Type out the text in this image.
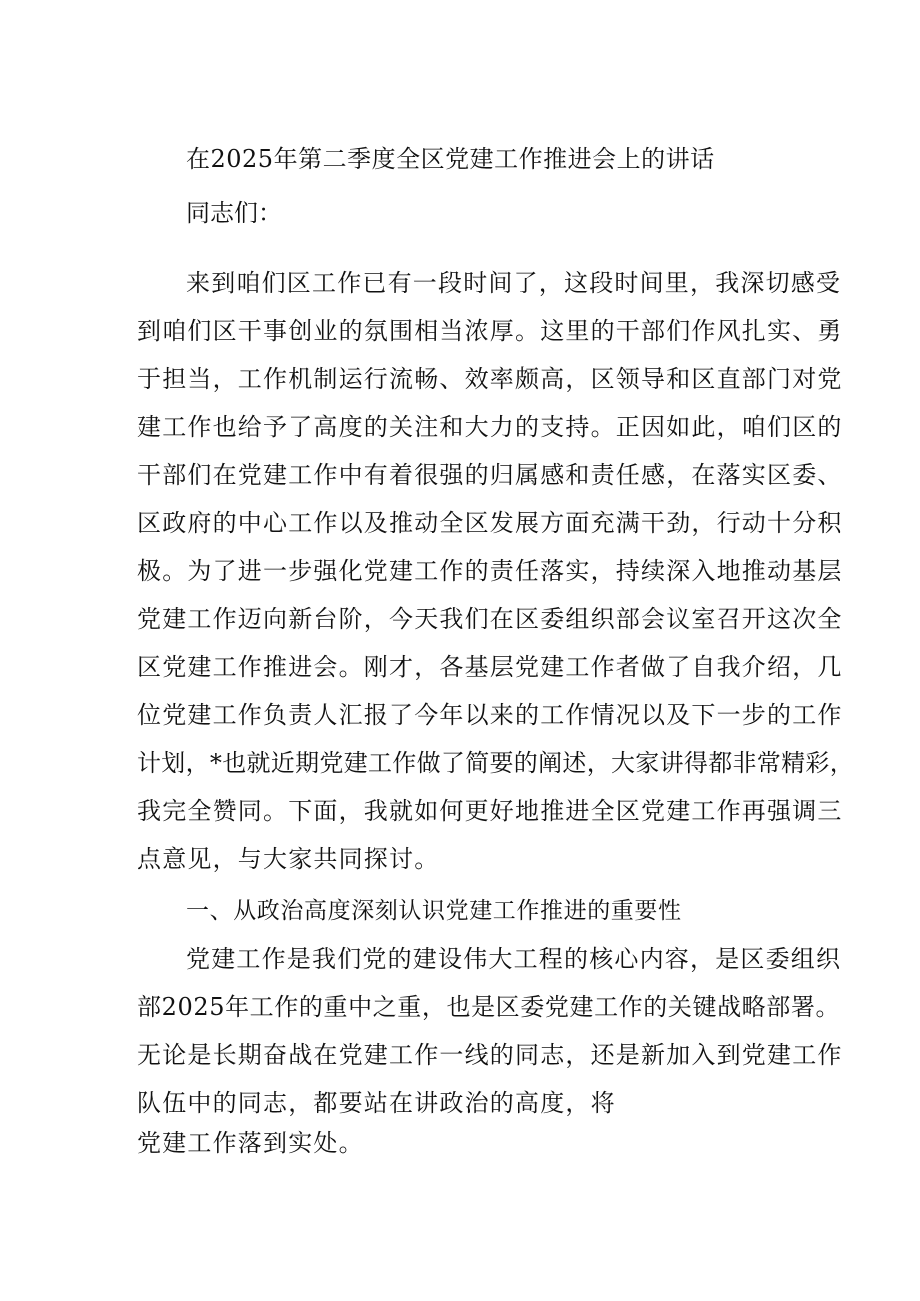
在2025年第二季度全区党建工作推进会上的讲话
同志们：
来到咱们区工作已有一段时间了，这段时间里，我深切感受
到咱们区干事创业的氛围相当浓厚。这里的干部们作风扎实、勇
于担当，工作机制运行流畅、效率颇高，区领导和区直部门对党
建工作也给予了高度的关注和大力的支持。正因如此，咱们区的
干部们在党建工作中有着很强的归属感和责任感，在落实区委、
区政府的中心工作以及推动全区发展方面充满干劲，行动十分积
极。为了进一步强化党建工作的责任落实，持续深入地推动基层
党建工作迈向新台阶，今天我们在区委组织部会议室召开这次全
区党建工作推进会。刚才，各基层党建工作者做了自我介绍，几
位党建工作负责人汇报了今年以来的工作情况以及下一步的工作
计划，*也就近期党建工作做了简要的阐述，大家讲得都非常精彩，
我完全赞同。下面，我就如何更好地推进全区党建工作再强调三
点意见，与大家共同探讨。
一、从政治高度深刻认识党建工作推进的重要性
党建工作是我们党的建设伟大工程的核心内容，是区委组织
部2025年工作的重中之重，也是区委党建工作的关键战略部署。
无论是长期奋战在党建工作一线的同志，还是新加入到党建工作
队伍中的同志，都要站在讲政治的高度，将
党建工作落到实处。
